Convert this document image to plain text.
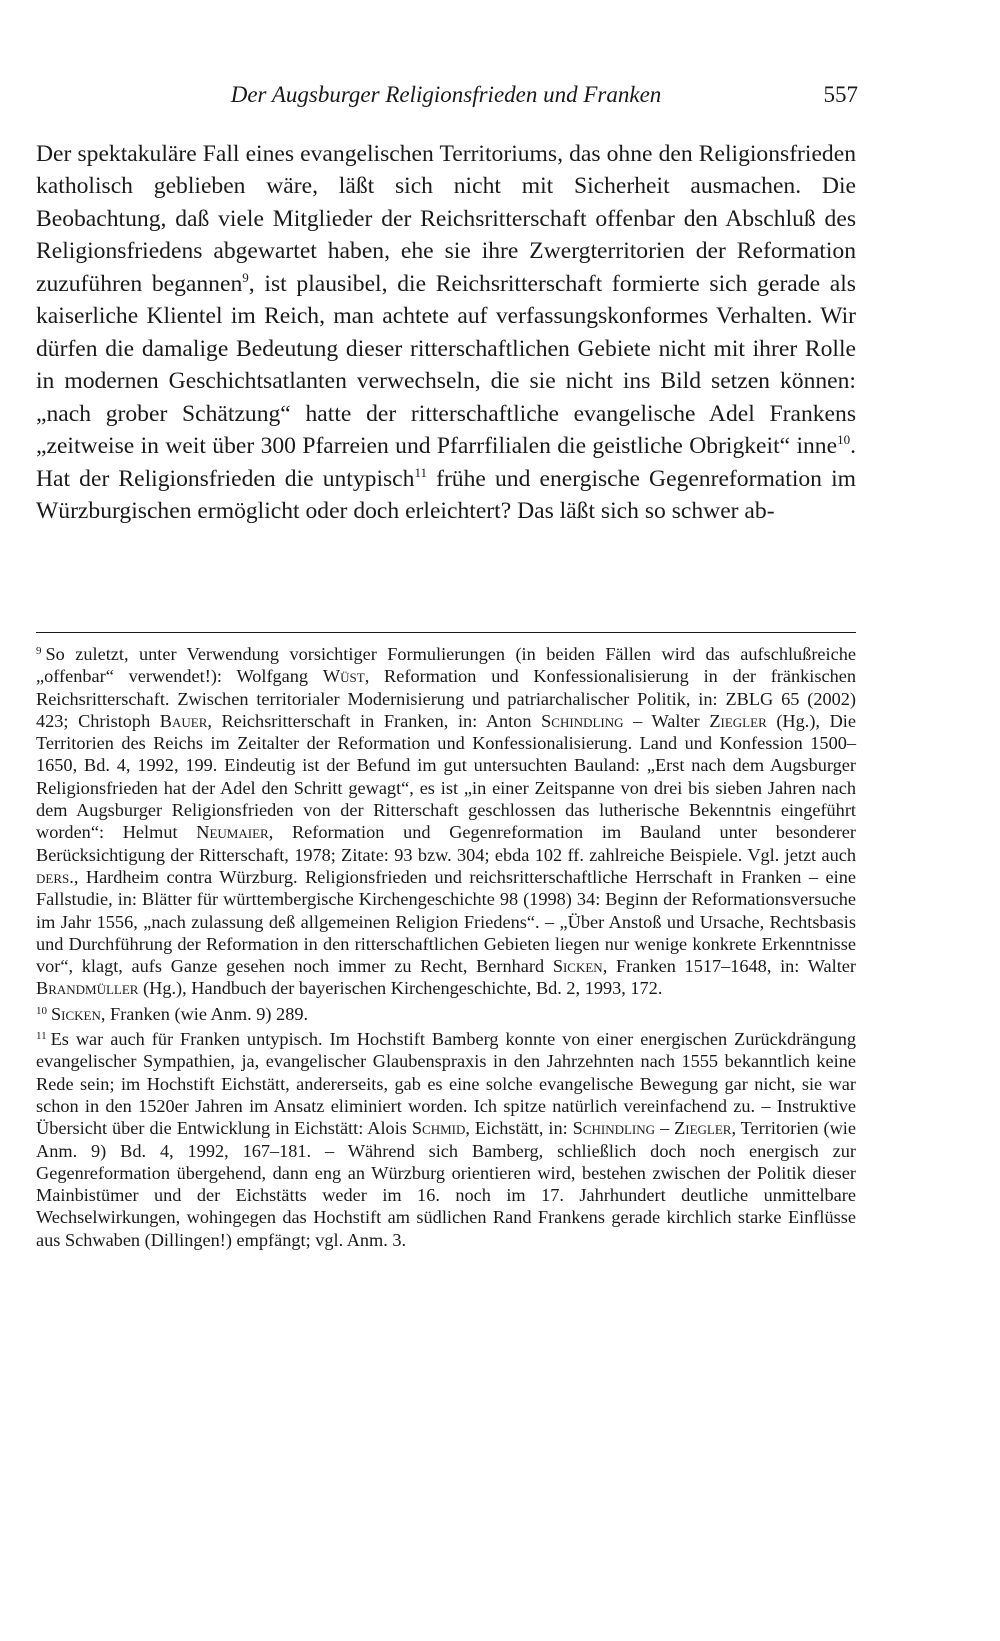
Der Augsburger Religionsfrieden und Franken	557
Der spektakuläre Fall eines evangelischen Territoriums, das ohne den Religionsfrieden katholisch geblieben wäre, läßt sich nicht mit Sicherheit ausmachen. Die Beobachtung, daß viele Mitglieder der Reichsritterschaft offenbar den Abschluß des Religionsfriedens abgewartet haben, ehe sie ihre Zwergterritorien der Reformation zuzuführen begannen$^9$, ist plausibel, die Reichsritterschaft formierte sich gerade als kaiserliche Klientel im Reich, man achtete auf verfassungskonformes Verhalten. Wir dürfen die damalige Bedeutung dieser ritterschaftlichen Gebiete nicht mit ihrer Rolle in modernen Geschichtsatlanten verwechseln, die sie nicht ins Bild setzen können: „nach grober Schätzung“ hatte der ritterschaftliche evangelische Adel Frankens „zeitweise in weit über 300 Pfarreien und Pfarrfilialen die geistliche Obrigkeit“ inne$^{10}$. Hat der Religionsfrieden die untypisch$^{11}$ frühe und energische Gegenreformation im Würzburgischen ermöglicht oder doch erleichtert? Das läßt sich so schwer ab-

$^9$ So zuletzt, unter Verwendung vorsichtiger Formulierungen (in beiden Fällen wird das aufschlußreiche „offenbar“ verwendet!): Wolfgang Wüst, Reformation und Konfessionalisierung in der fränkischen Reichsritterschaft. Zwischen territorialer Modernisierung und patriarchalischer Politik, in: ZBLG 65 (2002) 423; Christoph Bauer, Reichsritterschaft in Franken, in: Anton Schindling – Walter Ziegler (Hg.), Die Territorien des Reichs im Zeitalter der Reformation und Konfessionalisierung. Land und Konfession 1500–1650, Bd. 4, 1992, 199. Eindeutig ist der Befund im gut untersuchten Bauland: „Erst nach dem Augsburger Religionsfrieden hat der Adel den Schritt gewagt“, es ist „in einer Zeitspanne von drei bis sieben Jahren nach dem Augsburger Religionsfrieden von der Ritterschaft geschlossen das lutherische Bekenntnis eingeführt worden“: Helmut Neumaier, Reformation und Gegenreformation im Bauland unter besonderer Berücksichtigung der Ritterschaft, 1978; Zitate: 93 bzw. 304; ebda 102 ff. zahlreiche Beispiele. Vgl. jetzt auch ders., Hardheim contra Würzburg. Religionsfrieden und reichsritterschaftliche Herrschaft in Franken – eine Fallstudie, in: Blätter für württembergische Kirchengeschichte 98 (1998) 34: Beginn der Reformationsversuche im Jahr 1556, „nach zulassung deß allgemeinen Religion Friedens“. – „Über Anstoß und Ursache, Rechtsbasis und Durchführung der Reformation in den ritterschaftlichen Gebieten liegen nur wenige konkrete Erkenntnisse vor“, klagt, aufs Ganze gesehen noch immer zu Recht, Bernhard Sicken, Franken 1517–1648, in: Walter Brandmüller (Hg.), Handbuch der bayerischen Kirchengeschichte, Bd. 2, 1993, 172.

$^{10}$ Sicken, Franken (wie Anm. 9) 289.

$^{11}$ Es war auch für Franken untypisch. Im Hochstift Bamberg konnte von einer energischen Zurückdrängung evangelischer Sympathien, ja, evangelischer Glaubenspraxis in den Jahrzehnten nach 1555 bekanntlich keine Rede sein; im Hochstift Eichstätt, andererseits, gab es eine solche evangelische Bewegung gar nicht, sie war schon in den 1520er Jahren im Ansatz eliminiert worden. Ich spitze natürlich vereinfachend zu. – Instruktive Übersicht über die Entwicklung in Eichstätt: Alois Schmid, Eichstätt, in: Schindling – Ziegler, Territorien (wie Anm. 9) Bd. 4, 1992, 167–181. – Während sich Bamberg, schließlich doch noch energisch zur Gegenreformation übergehend, dann eng an Würzburg orientieren wird, bestehen zwischen der Politik dieser Mainbistümer und der Eichstätts weder im 16. noch im 17. Jahrhundert deutliche unmittelbare Wechselwirkungen, wohingegen das Hochstift am südlichen Rand Frankens gerade kirchlich starke Einflüsse aus Schwaben (Dillingen!) empfängt; vgl. Anm. 3.
